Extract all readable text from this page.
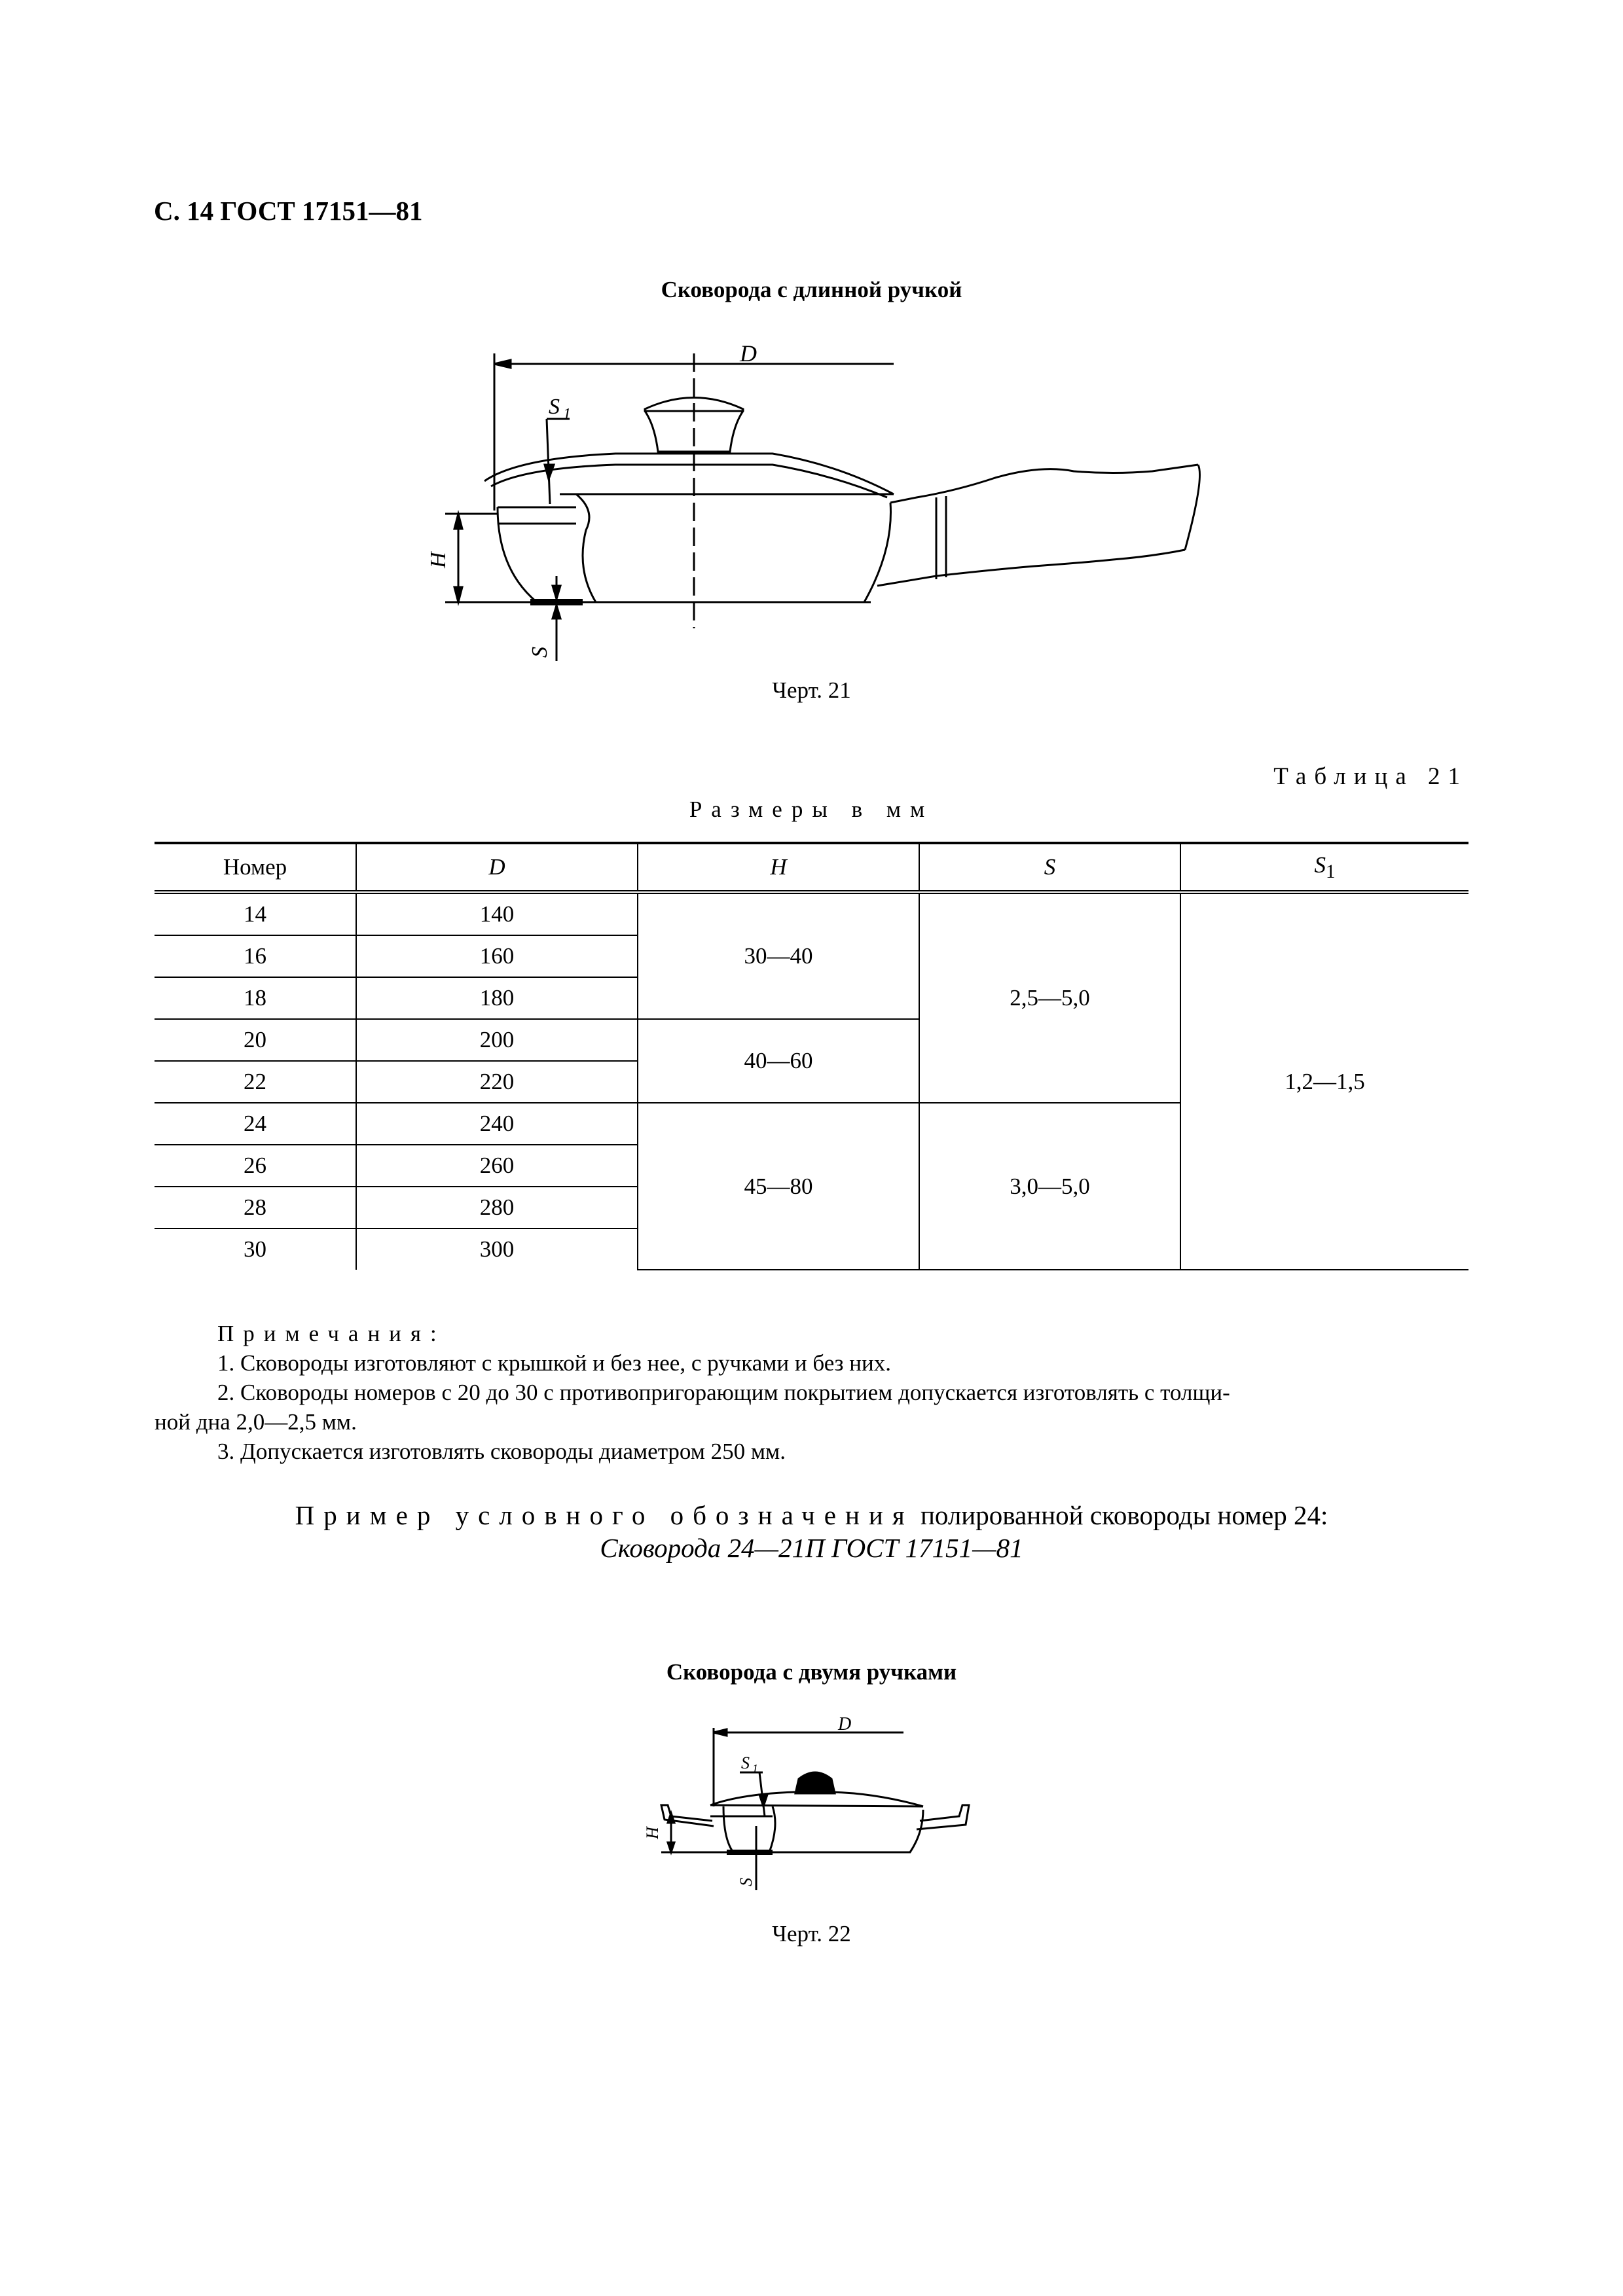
С. 14 ГОСТ 17151—81
Сковорода с длинной ручкой
D
S 1
H
S
Черт. 21
Таблица 21
Размеры в мм
Номер	D	H	S	$S_1$
14	140	30—40	2,5—5,0	1,2—1,5
16	160			
18	180			
20	200	40—60		
22	220			
24	240	45—80	3,0—5,0	
26	260			
28	280			
30	300			

Примечания:

1. Сковороды изготовляют с крышкой и без нее, с ручками и без них.

2. Сковороды номеров с 20 до 30 с противопригорающим покрытием допускается изготовлять с толщи-

ной дна 2,0—2,5 мм.

3. Допускается изготовлять сковороды диаметром 250 мм.

Пример условного обозначения полированной сковороды номер 24:
Сковорода 24—21П ГОСТ 17151—81
Сковорода с двумя ручками
D
S 1
H
S
Черт. 22
